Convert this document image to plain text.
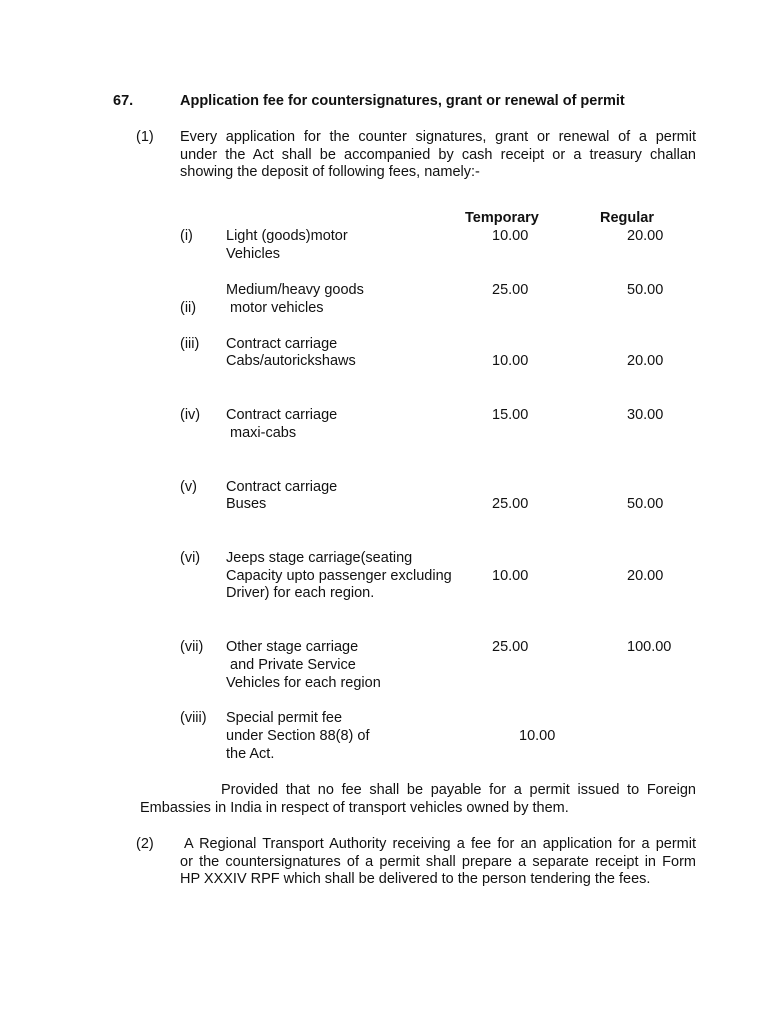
67.	Application fee for countersignatures, grant or renewal of permit
(1) Every application for the counter signatures, grant or renewal of a permit
under the Act shall be accompanied by cash receipt or a treasury challan
showing the deposit of following fees, namely:-
Temporary	Regular
(i) Light (goods)motor
Vehicles
10.00	20.00
(ii)
Medium/heavy goods
motor vehicles
25.00	50.00
(iii) Contract carriage
Cabs/autorickshaws	10.00	20.00
(iv) Contract carriage
maxi-cabs
15.00	30.00
(v) Contract carriage
Buses	25.00	50.00
(vi) Jeeps stage carriage(seating
Capacity upto passenger excluding
Driver) for each region.
10.00	20.00
(vii) Other stage carriage
and Private Service
Vehicles for each region
25.00	100.00
(viii) Special permit fee
under Section 88(8) of
the Act.
10.00
Provided that no fee shall be payable for a permit issued to Foreign
Embassies in India in respect of transport vehicles owned by them.
(2) A Regional Transport Authority receiving a fee for an application for a permit
or the countersignatures of a permit shall prepare a separate receipt in Form
HP XXXIV RPF which shall be delivered to the person tendering the fees.
